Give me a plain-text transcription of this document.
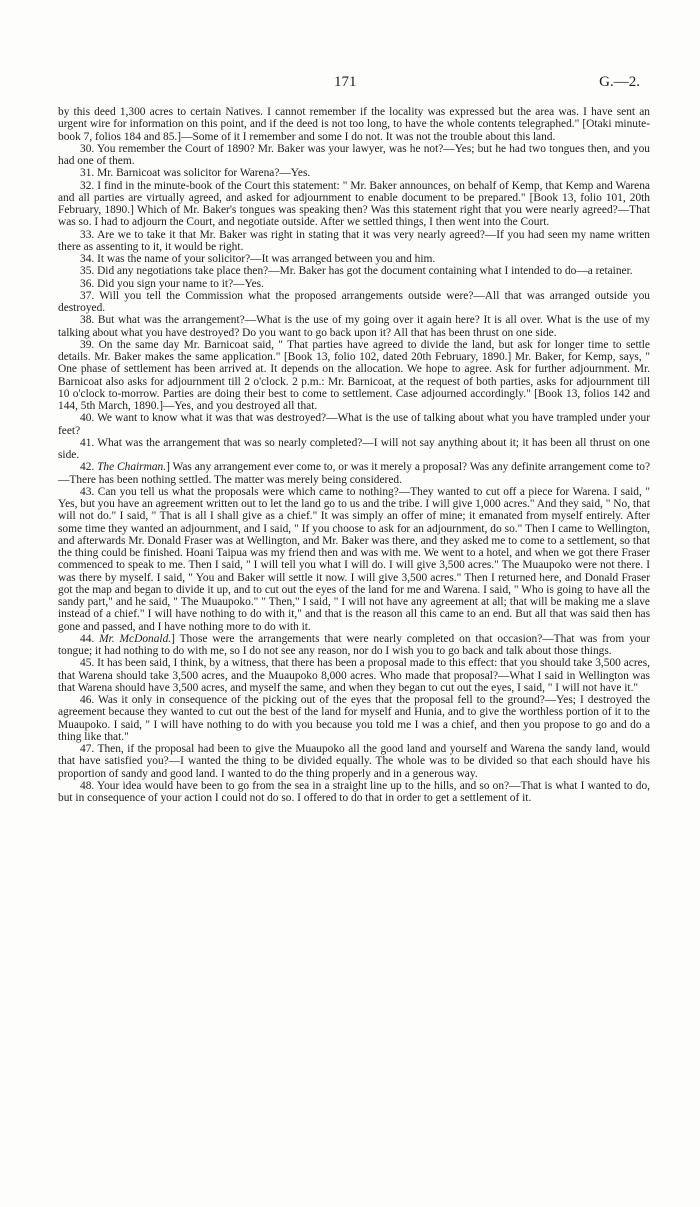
171	G.—2.

by this deed 1,300 acres to certain Natives. I cannot remember if the locality was expressed but the area was. I have sent an urgent wire for information on this point, and if the deed is not too long, to have the whole contents telegraphed." [Otaki minute-book 7, folios 184 and 85.]—Some of it I remember and some I do not. It was not the trouble about this land.

30. You remember the Court of 1890? Mr. Baker was your lawyer, was he not?—Yes; but he had two tongues then, and you had one of them.

31. Mr. Barnicoat was solicitor for Warena?—Yes.

32. I find in the minute-book of the Court this statement: " Mr. Baker announces, on behalf of Kemp, that Kemp and Warena and all parties are virtually agreed, and asked for adjournment to enable document to be prepared." [Book 13, folio 101, 20th February, 1890.] Which of Mr. Baker's tongues was speaking then? Was this statement right that you were nearly agreed?—That was so. I had to adjourn the Court, and negotiate outside. After we settled things, I then went into the Court.

33. Are we to take it that Mr. Baker was right in stating that it was very nearly agreed?—If you had seen my name written there as assenting to it, it would be right.

34. It was the name of your solicitor?—It was arranged between you and him.

35. Did any negotiations take place then?—Mr. Baker has got the document containing what I intended to do—a retainer.

36. Did you sign your name to it?—Yes.

37. Will you tell the Commission what the proposed arrangements outside were?—All that was arranged outside you destroyed.

38. But what was the arrangement?—What is the use of my going over it again here? It is all over. What is the use of my talking about what you have destroyed? Do you want to go back upon it? All that has been thrust on one side.

39. On the same day Mr. Barnicoat said, " That parties have agreed to divide the land, but ask for longer time to settle details. Mr. Baker makes the same application." [Book 13, folio 102, dated 20th February, 1890.] Mr. Baker, for Kemp, says, " One phase of settlement has been arrived at. It depends on the allocation. We hope to agree. Ask for further adjournment. Mr. Barnicoat also asks for adjournment till 2 o'clock. 2 p.m.: Mr. Barnicoat, at the request of both parties, asks for adjournment till 10 o'clock to-morrow. Parties are doing their best to come to settlement. Case adjourned accordingly." [Book 13, folios 142 and 144, 5th March, 1890.]—Yes, and you destroyed all that.

40. We want to know what it was that was destroyed?—What is the use of talking about what you have trampled under your feet?

41. What was the arrangement that was so nearly completed?—I will not say anything about it; it has been all thrust on one side.

42. The Chairman.] Was any arrangement ever come to, or was it merely a proposal? Was any definite arrangement come to?—There has been nothing settled. The matter was merely being considered.

43. Can you tell us what the proposals were which came to nothing?—They wanted to cut off a piece for Warena. I said, " Yes, but you have an agreement written out to let the land go to us and the tribe. I will give 1,000 acres." And they said, " No, that will not do." I said, " That is all I shall give as a chief." It was simply an offer of mine; it emanated from myself entirely. After some time they wanted an adjournment, and I said, " If you choose to ask for an adjournment, do so." Then I came to Wellington, and afterwards Mr. Donald Fraser was at Wellington, and Mr. Baker was there, and they asked me to come to a settlement, so that the thing could be finished. Hoani Taipua was my friend then and was with me. We went to a hotel, and when we got there Fraser commenced to speak to me. Then I said, " I will tell you what I will do. I will give 3,500 acres." The Muaupoko were not there. I was there by myself. I said, " You and Baker will settle it now. I will give 3,500 acres." Then I returned here, and Donald Fraser got the map and began to divide it up, and to cut out the eyes of the land for me and Warena. I said, " Who is going to have all the sandy part," and he said, " The Muaupoko." " Then," I said, " I will not have any agreement at all; that will be making me a slave instead of a chief." I will have nothing to do with it," and that is the reason all this came to an end. But all that was said then has gone and passed, and I have nothing more to do with it.

44. Mr. McDonald.] Those were the arrangements that were nearly completed on that occasion?—That was from your tongue; it had nothing to do with me, so I do not see any reason, nor do I wish you to go back and talk about those things.

45. It has been said, I think, by a witness, that there has been a proposal made to this effect: that you should take 3,500 acres, that Warena should take 3,500 acres, and the Muaupoko 8,000 acres. Who made that proposal?—What I said in Wellington was that Warena should have 3,500 acres, and myself the same, and when they began to cut out the eyes, I said, " I will not have it."

46. Was it only in consequence of the picking out of the eyes that the proposal fell to the ground?—Yes; I destroyed the agreement because they wanted to cut out the best of the land for myself and Hunia, and to give the worthless portion of it to the Muaupoko. I said, " I will have nothing to do with you because you told me I was a chief, and then you propose to go and do a thing like that."

47. Then, if the proposal had been to give the Muaupoko all the good land and yourself and Warena the sandy land, would that have satisfied you?—I wanted the thing to be divided equally. The whole was to be divided so that each should have his proportion of sandy and good land. I wanted to do the thing properly and in a generous way.

48. Your idea would have been to go from the sea in a straight line up to the hills, and so on?—That is what I wanted to do, but in consequence of your action I could not do so. I offered to do that in order to get a settlement of it.
